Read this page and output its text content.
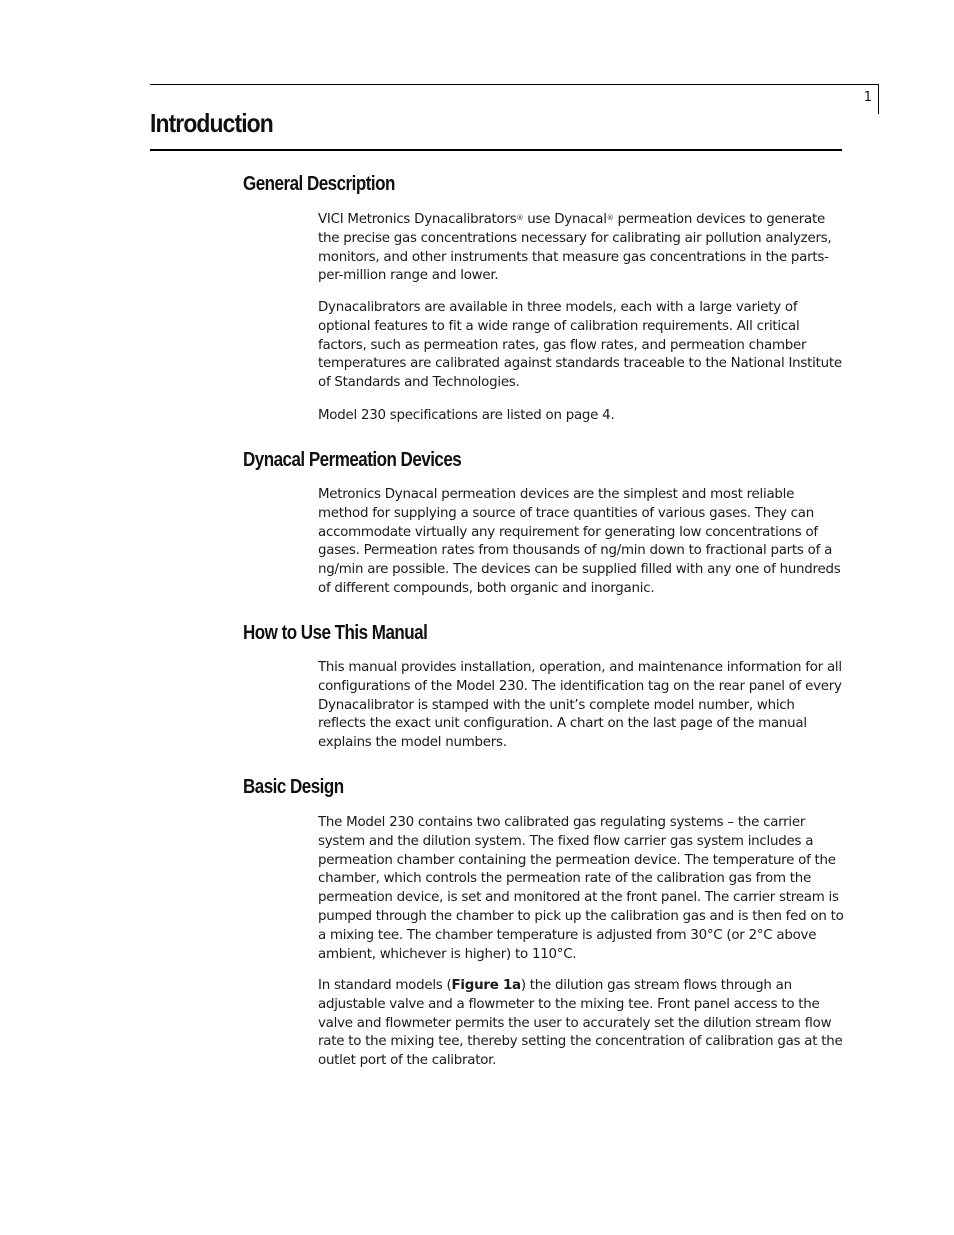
1
Introduction
General Description

VICI Metronics Dynacalibrators® use Dynacal® permeation devices to generate the precise gas concentrations necessary for calibrating air pollution analyzers, monitors, and other instruments that measure gas concentrations in the parts-per-million range and lower.

Dynacalibrators are available in three models, each with a large variety of optional features to fit a wide range of calibration requirements. All critical factors, such as permeation rates, gas flow rates, and permeation chamber temperatures are calibrated against standards traceable to the National Institute of Standards and Technologies.

Model 230 specifications are listed on page 4.

Dynacal Permeation Devices

Metronics Dynacal permeation devices are the simplest and most reliable method for supplying a source of trace quantities of various gases. They can accommodate virtually any requirement for generating low concentrations of gases. Permeation rates from thousands of ng/min down to fractional parts of a ng/min are possible. The devices can be supplied filled with any one of hundreds of different compounds, both organic and inorganic.

How to Use This Manual

This manual provides installation, operation, and maintenance information for all configurations of the Model 230. The identification tag on the rear panel of every Dynacalibrator is stamped with the unit’s complete model number, which reflects the exact unit configuration. A chart on the last page of the manual explains the model numbers.

Basic Design

The Model 230 contains two calibrated gas regulating systems – the carrier system and the dilution system. The fixed flow carrier gas system includes a permeation chamber containing the permeation device. The temperature of the chamber, which controls the permeation rate of the calibration gas from the permeation device, is set and monitored at the front panel. The carrier stream is pumped through the chamber to pick up the calibration gas and is then fed on to a mixing tee. The chamber temperature is adjusted from 30°C (or 2°C above ambient, whichever is higher) to 110°C.

In standard models (Figure 1a) the dilution gas stream flows through an adjustable valve and a flowmeter to the mixing tee. Front panel access to the valve and flowmeter permits the user to accurately set the dilution stream flow rate to the mixing tee, thereby setting the concentration of calibration gas at the outlet port of the calibrator.
